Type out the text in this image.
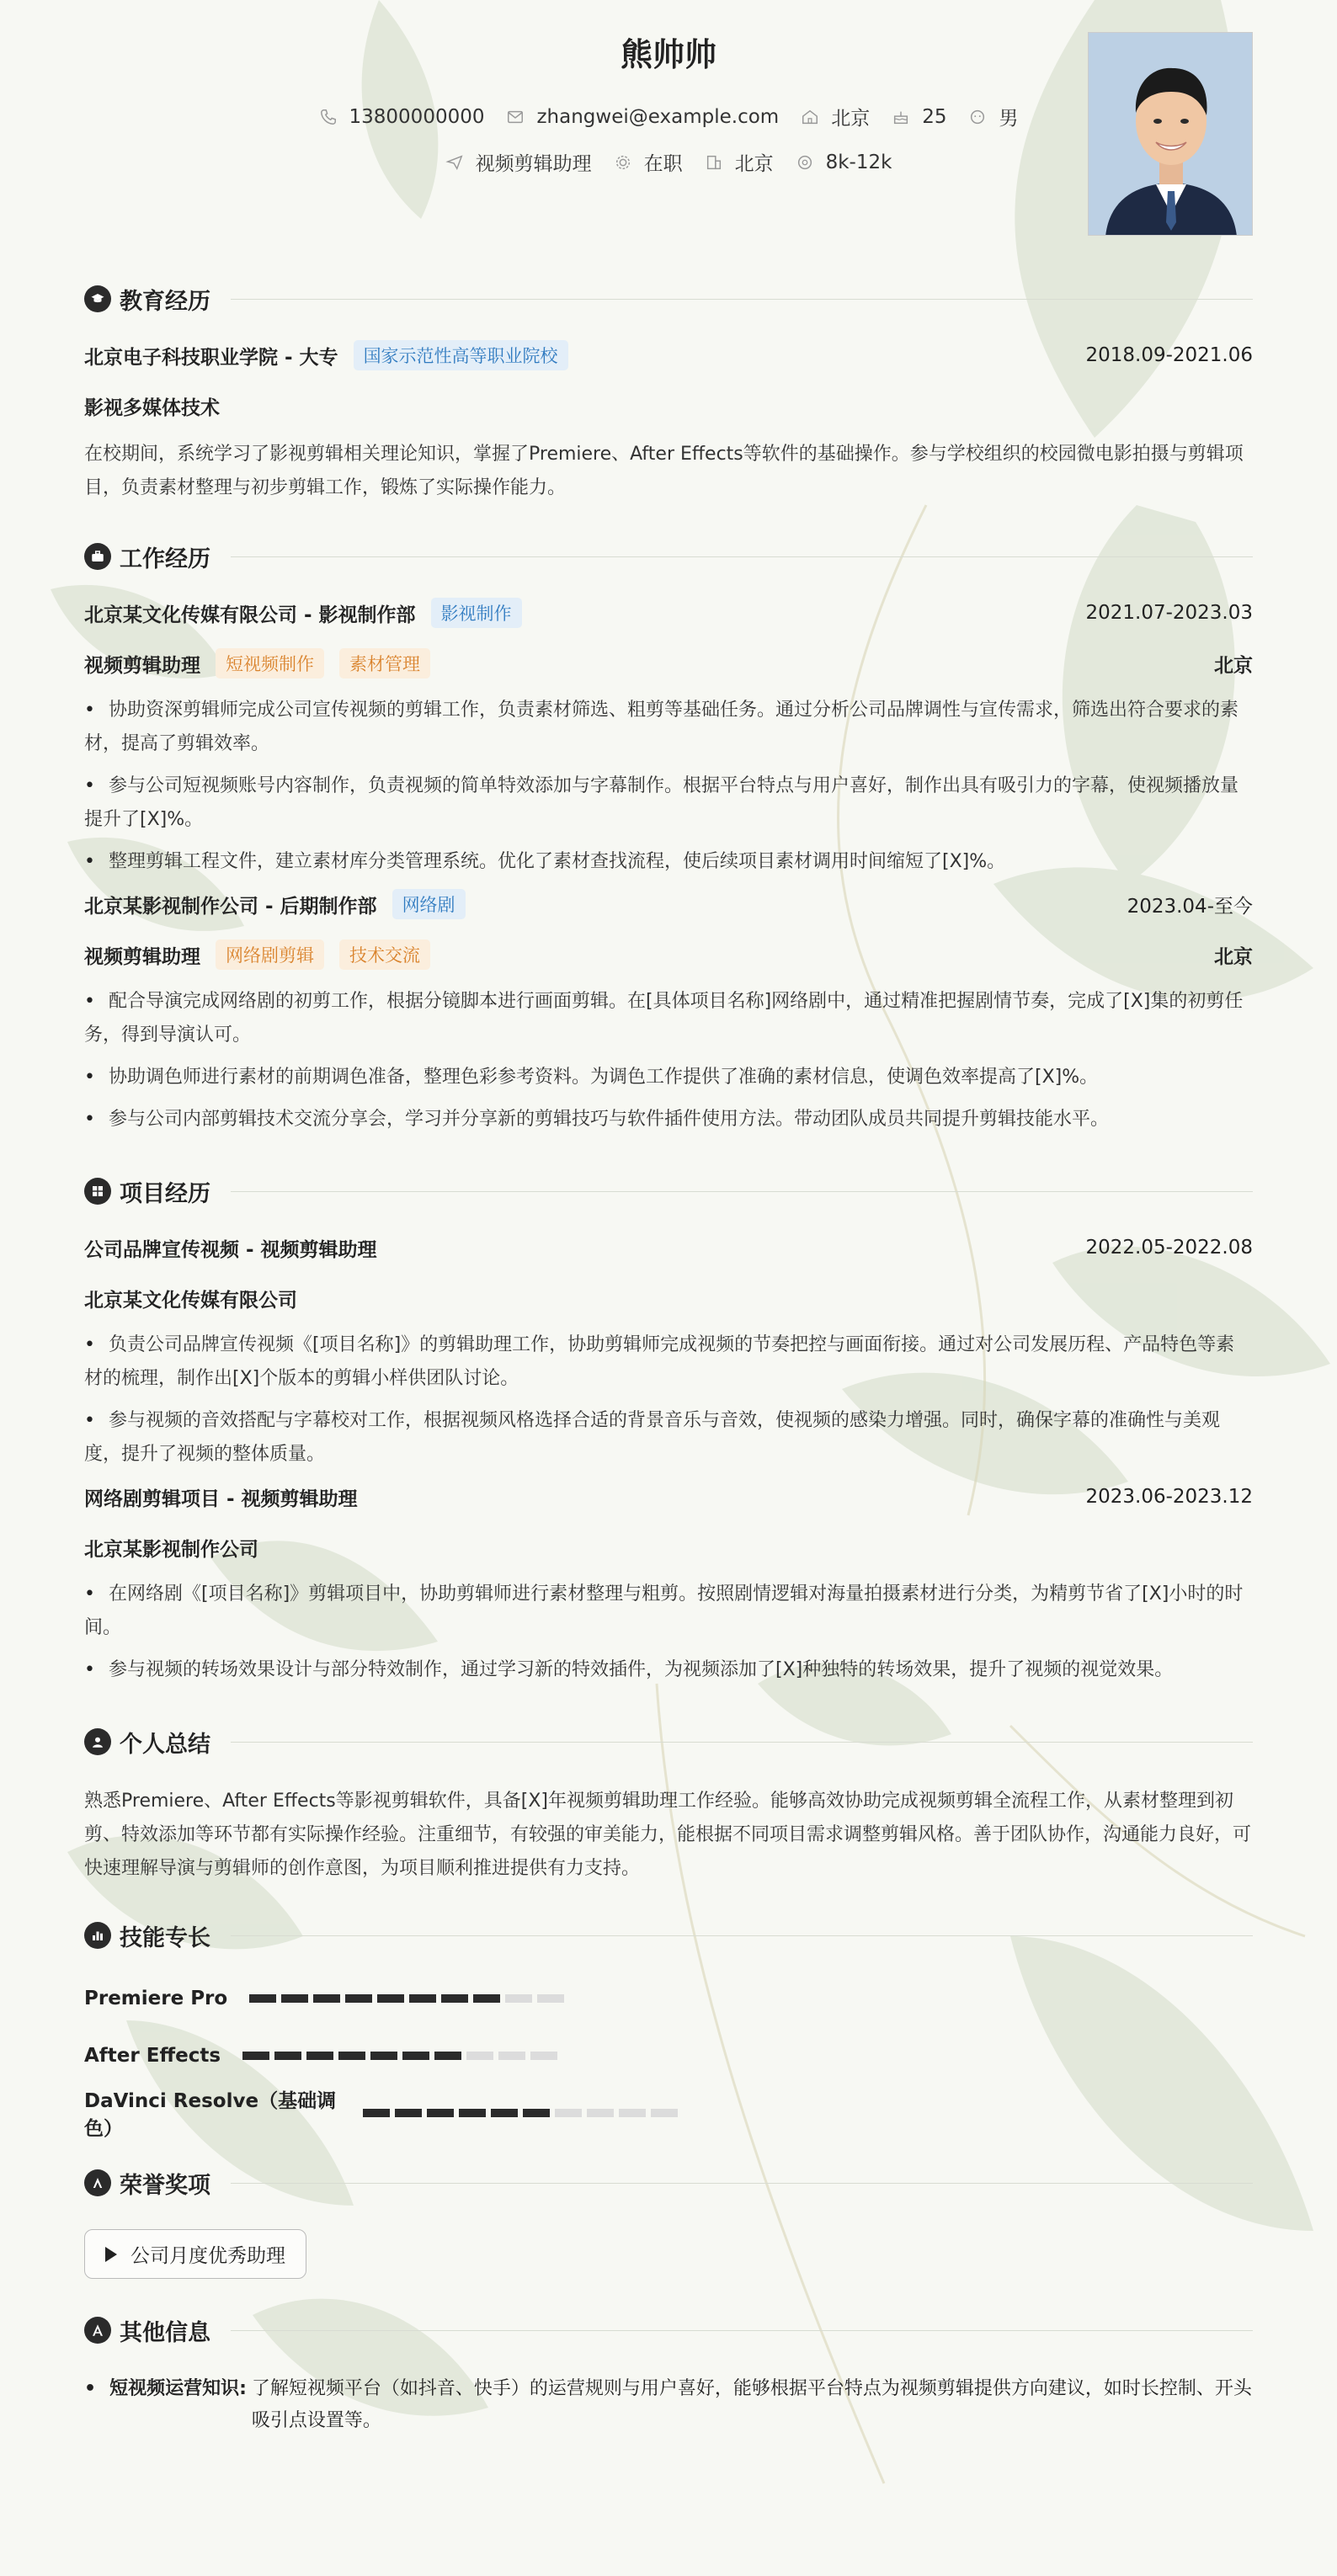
熊帅帅
13800000000	zhangwei@example.com	北京	25	男
视频剪辑助理	在职	北京	8k-12k
教育经历
北京电子科技职业学院 - 大专	国家示范性高等职业院校	2018.09-2021.06
影视多媒体技术
在校期间，系统学习了影视剪辑相关理论知识，掌握了Premiere、After Effects等软件的基础操作。参与学校组织的校园微电影拍摄与剪辑项目，负责素材整理与初步剪辑工作，锻炼了实际操作能力。
工作经历
北京某文化传媒有限公司 - 影视制作部	影视制作	2021.07-2023.03
视频剪辑助理	短视频制作	素材管理	北京
• 协助资深剪辑师完成公司宣传视频的剪辑工作，负责素材筛选、粗剪等基础任务。通过分析公司品牌调性与宣传需求，筛选出符合要求的素材，提高了剪辑效率。
• 参与公司短视频账号内容制作，负责视频的简单特效添加与字幕制作。根据平台特点与用户喜好，制作出具有吸引力的字幕，使视频播放量提升了[X]%。
• 整理剪辑工程文件，建立素材库分类管理系统。优化了素材查找流程，使后续项目素材调用时间缩短了[X]%。
北京某影视制作公司 - 后期制作部	网络剧	2023.04-至今
视频剪辑助理	网络剧剪辑	技术交流	北京
• 配合导演完成网络剧的初剪工作，根据分镜脚本进行画面剪辑。在[具体项目名称]网络剧中，通过精准把握剧情节奏，完成了[X]集的初剪任务，得到导演认可。
• 协助调色师进行素材的前期调色准备，整理色彩参考资料。为调色工作提供了准确的素材信息，使调色效率提高了[X]%。
• 参与公司内部剪辑技术交流分享会，学习并分享新的剪辑技巧与软件插件使用方法。带动团队成员共同提升剪辑技能水平。
项目经历
公司品牌宣传视频 - 视频剪辑助理	2022.05-2022.08
北京某文化传媒有限公司
• 负责公司品牌宣传视频《[项目名称]》的剪辑助理工作，协助剪辑师完成视频的节奏把控与画面衔接。通过对公司发展历程、产品特色等素材的梳理，制作出[X]个版本的剪辑小样供团队讨论。
• 参与视频的音效搭配与字幕校对工作，根据视频风格选择合适的背景音乐与音效，使视频的感染力增强。同时，确保字幕的准确性与美观度，提升了视频的整体质量。
网络剧剪辑项目 - 视频剪辑助理	2023.06-2023.12
北京某影视制作公司
• 在网络剧《[项目名称]》剪辑项目中，协助剪辑师进行素材整理与粗剪。按照剧情逻辑对海量拍摄素材进行分类，为精剪节省了[X]小时的时间。
• 参与视频的转场效果设计与部分特效制作，通过学习新的特效插件，为视频添加了[X]种独特的转场效果，提升了视频的视觉效果。
个人总结
熟悉Premiere、After Effects等影视剪辑软件，具备[X]年视频剪辑助理工作经验。能够高效协助完成视频剪辑全流程工作，从素材整理到初剪、特效添加等环节都有实际操作经验。注重细节，有较强的审美能力，能根据不同项目需求调整剪辑风格。善于团队协作，沟通能力良好，可快速理解导演与剪辑师的创作意图，为项目顺利推进提供有力支持。
技能专长
Premiere Pro
After Effects
DaVinci Resolve（基础调色）
荣誉奖项
公司月度优秀助理
其他信息
• 短视频运营知识: 了解短视频平台（如抖音、快手）的运营规则与用户喜好，能够根据平台特点为视频剪辑提供方向建议，如时长控制、开头吸引点设置等。
